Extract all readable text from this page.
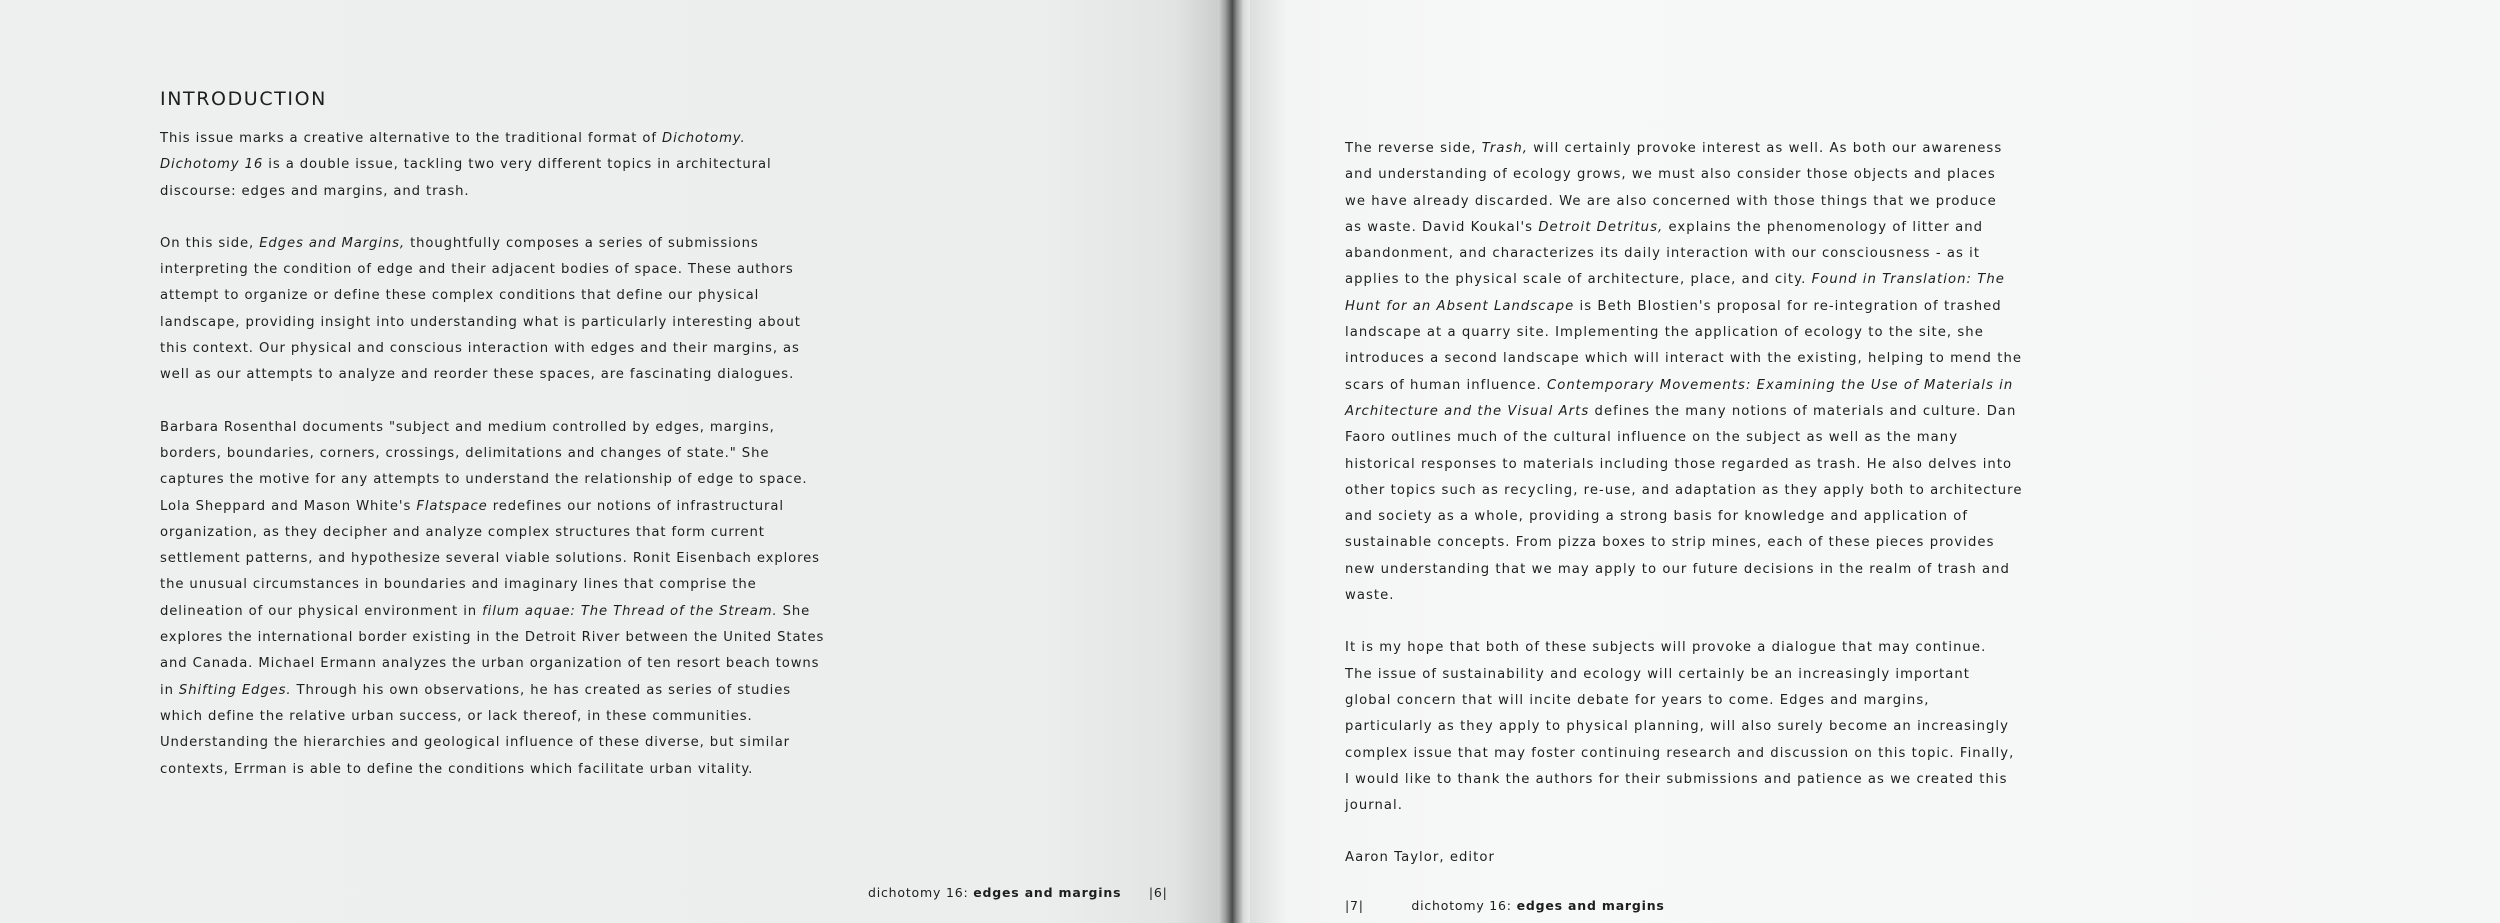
INTRODUCTION

This issue marks a creative alternative to the traditional format of Dichotomy.
Dichotomy 16 is a double issue, tackling two very different topics in architectural
discourse: edges and margins, and trash.

On this side, Edges and Margins, thoughtfully composes a series of submissions
interpreting the condition of edge and their adjacent bodies of space. These authors
attempt to organize or define these complex conditions that define our physical
landscape, providing insight into understanding what is particularly interesting about
this context. Our physical and conscious interaction with edges and their margins, as
well as our attempts to analyze and reorder these spaces, are fascinating dialogues.

Barbara Rosenthal documents "subject and medium controlled by edges, margins,
borders, boundaries, corners, crossings, delimitations and changes of state." She
captures the motive for any attempts to understand the relationship of edge to space.
Lola Sheppard and Mason White's Flatspace redefines our notions of infrastructural
organization, as they decipher and analyze complex structures that form current
settlement patterns, and hypothesize several viable solutions. Ronit Eisenbach explores
the unusual circumstances in boundaries and imaginary lines that comprise the
delineation of our physical environment in filum aquae: The Thread of the Stream. She
explores the international border existing in the Detroit River between the United States
and Canada. Michael Ermann analyzes the urban organization of ten resort beach towns
in Shifting Edges. Through his own observations, he has created as series of studies
which define the relative urban success, or lack thereof, in these communities.
Understanding the hierarchies and geological influence of these diverse, but similar
contexts, Errman is able to define the conditions which facilitate urban vitality.

dichotomy 16: edges and margins |6|

The reverse side, Trash, will certainly provoke interest as well. As both our awareness
and understanding of ecology grows, we must also consider those objects and places
we have already discarded. We are also concerned with those things that we produce
as waste. David Koukal's Detroit Detritus, explains the phenomenology of litter and
abandonment, and characterizes its daily interaction with our consciousness - as it
applies to the physical scale of architecture, place, and city. Found in Translation: The
Hunt for an Absent Landscape is Beth Blostien's proposal for re-integration of trashed
landscape at a quarry site. Implementing the application of ecology to the site, she
introduces a second landscape which will interact with the existing, helping to mend the
scars of human influence. Contemporary Movements: Examining the Use of Materials in
Architecture and the Visual Arts defines the many notions of materials and culture. Dan
Faoro outlines much of the cultural influence on the subject as well as the many
historical responses to materials including those regarded as trash. He also delves into
other topics such as recycling, re-use, and adaptation as they apply both to architecture
and society as a whole, providing a strong basis for knowledge and application of
sustainable concepts. From pizza boxes to strip mines, each of these pieces provides
new understanding that we may apply to our future decisions in the realm of trash and
waste.

It is my hope that both of these subjects will provoke a dialogue that may continue.
The issue of sustainability and ecology will certainly be an increasingly important
global concern that will incite debate for years to come. Edges and margins,
particularly as they apply to physical planning, will also surely become an increasingly
complex issue that may foster continuing research and discussion on this topic. Finally,
I would like to thank the authors for their submissions and patience as we created this
journal.

Aaron Taylor, editor

|7|	dichotomy 16: edges and margins
